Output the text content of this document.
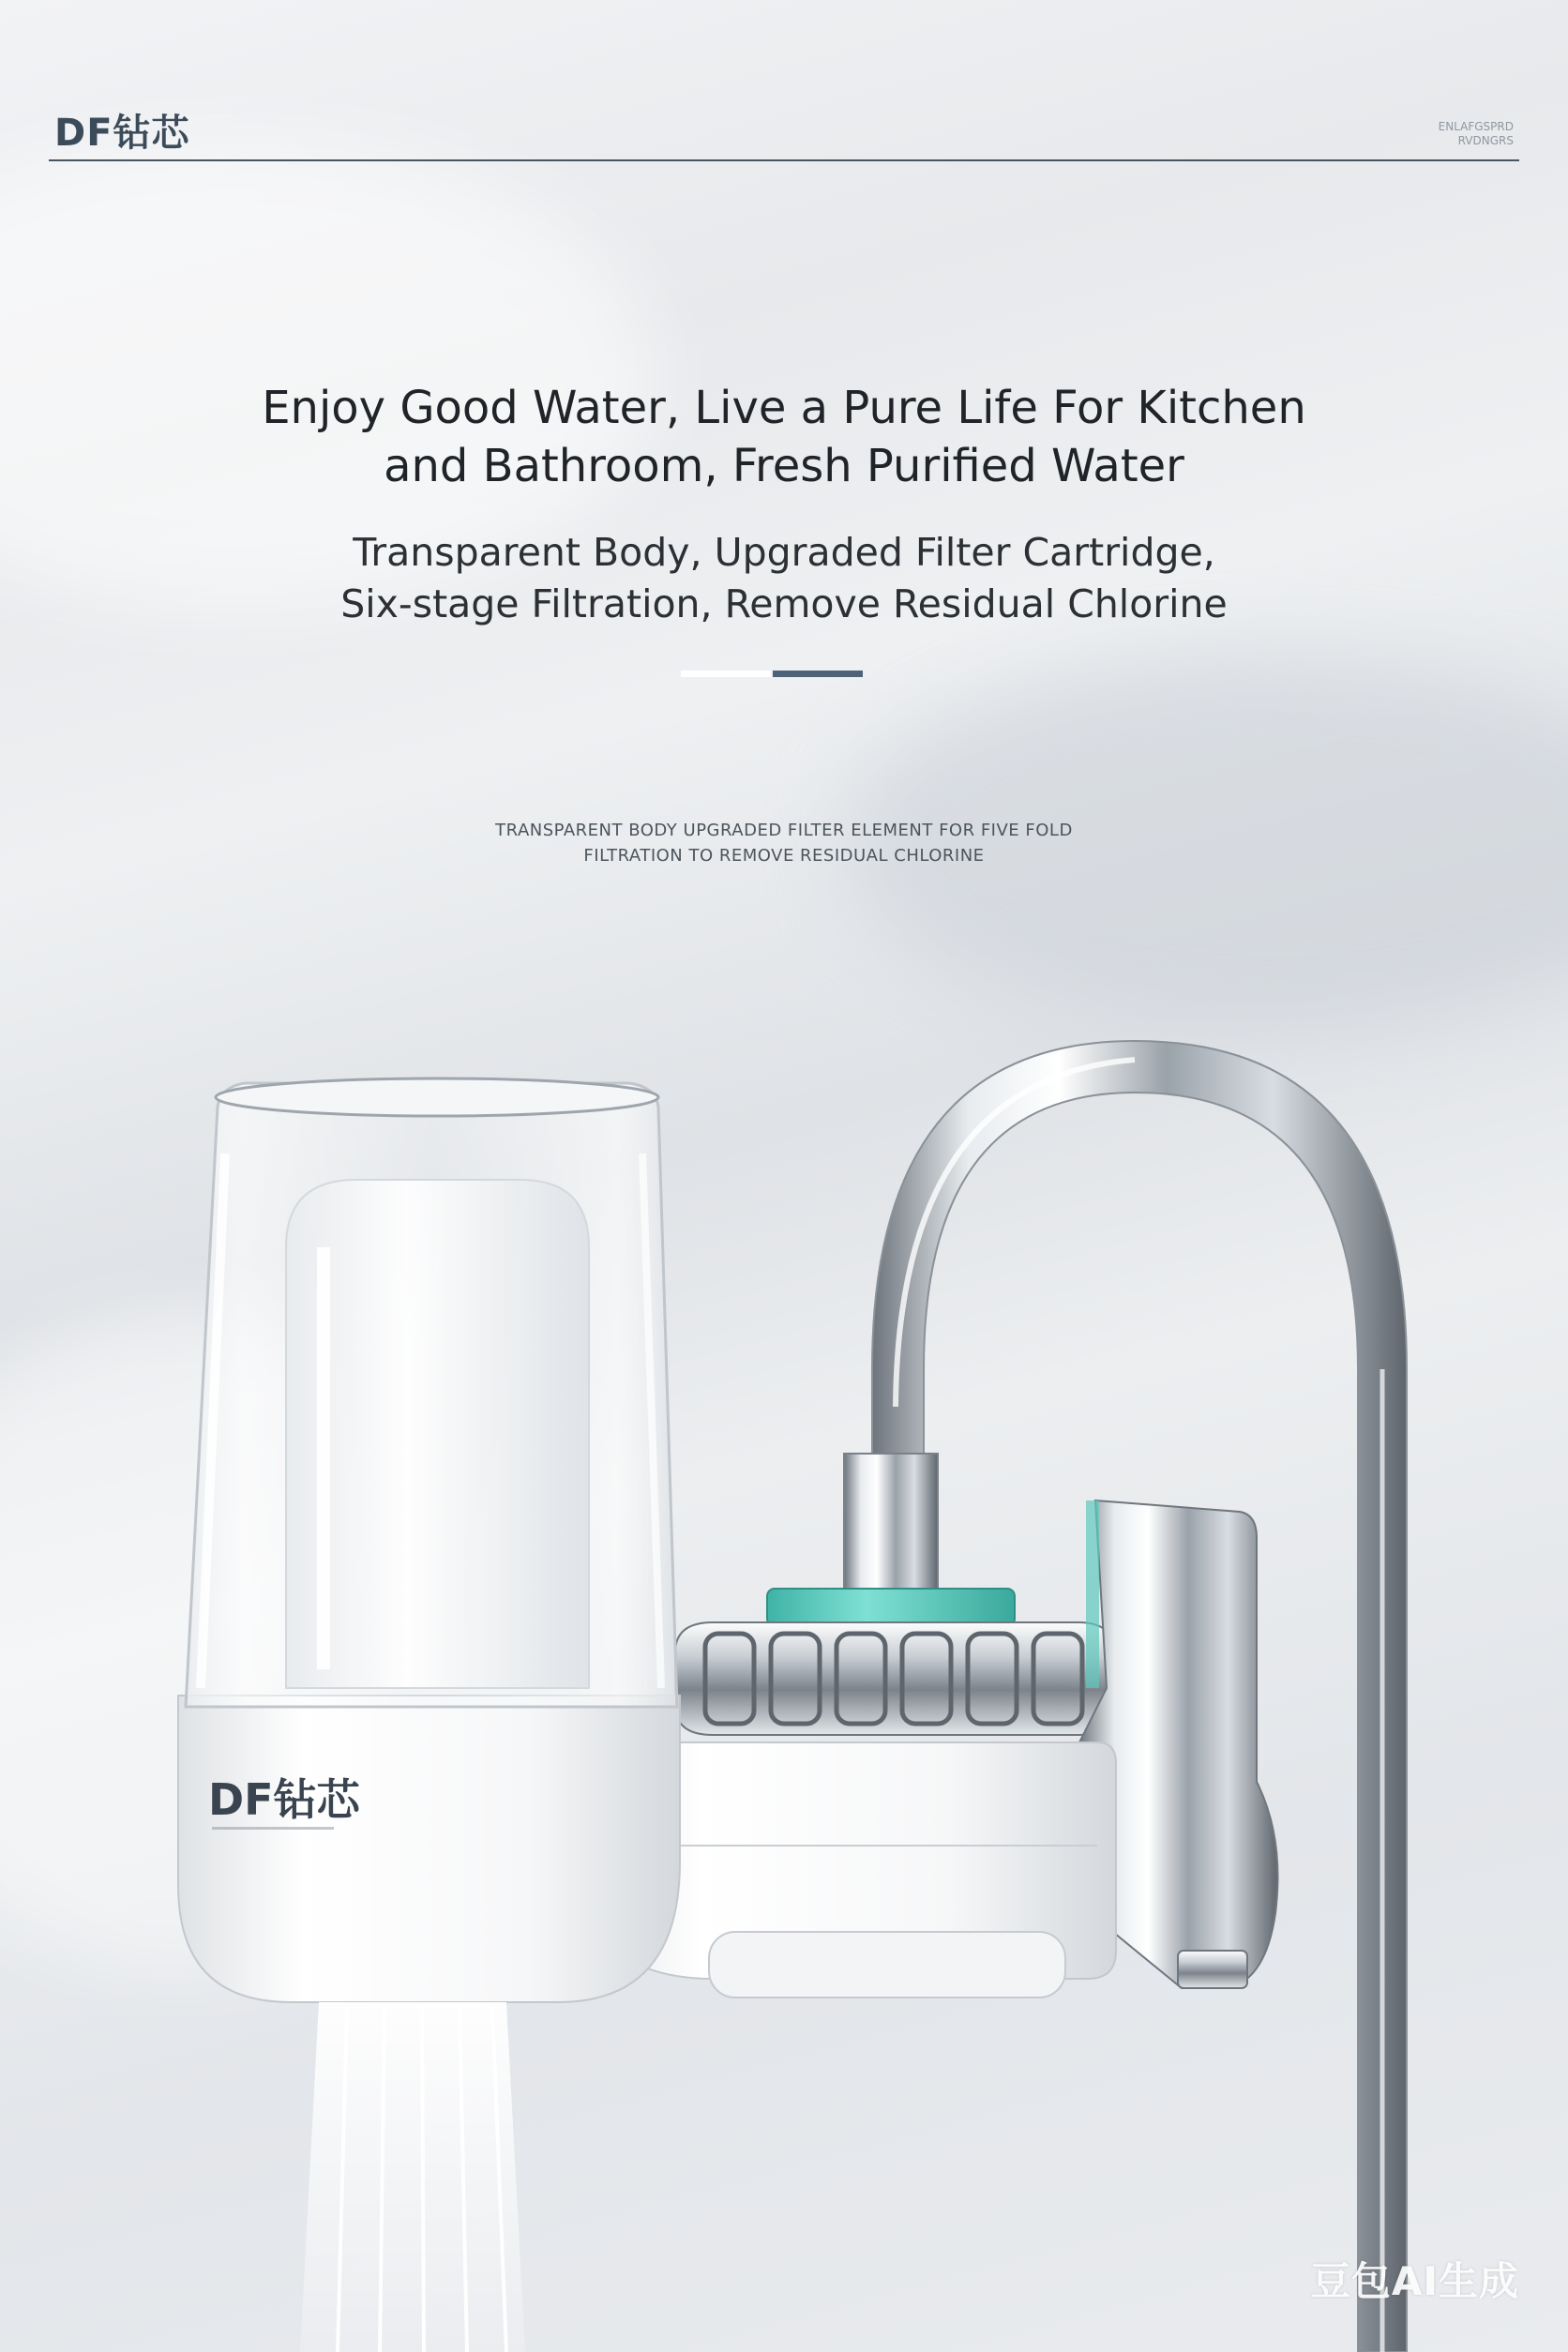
DF钻芯	ENLAFGSPRD RVDNGRS
Enjoy Good Water, Live a Pure Life For Kitchen
and Bathroom, Fresh Purified Water
Transparent Body, Upgraded Filter Cartridge,
Six-stage Filtration, Remove Residual Chlorine
TRANSPARENT BODY UPGRADED FILTER ELEMENT FOR FIVE FOLD
FILTRATION TO REMOVE RESIDUAL CHLORINE
DF钻芯
豆包AI生成
